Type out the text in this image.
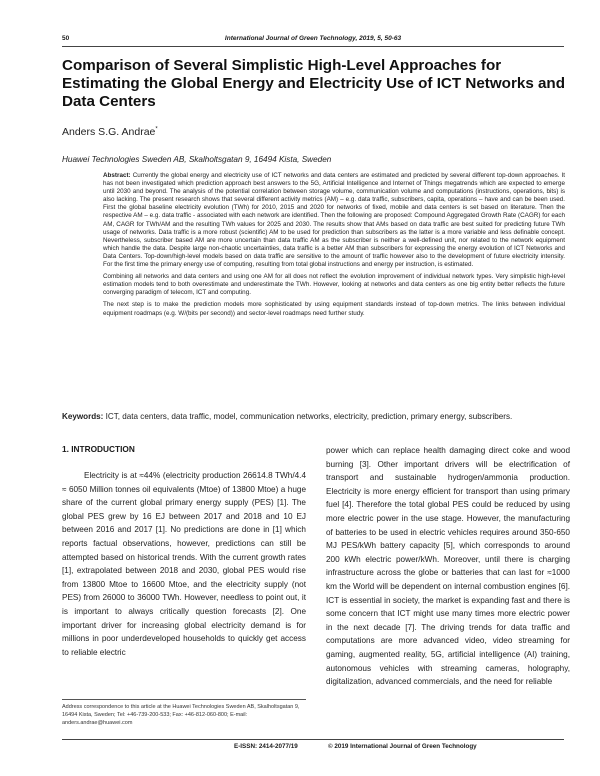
50	International Journal of Green Technology, 2019, 5, 50-63
Comparison of Several Simplistic High-Level Approaches for Estimating the Global Energy and Electricity Use of ICT Networks and Data Centers
Anders S.G. Andrae*
Huawei Technologies Sweden AB, Skalholtsgatan 9, 16494 Kista, Sweden

Abstract: Currently the global energy and electricity use of ICT networks and data centers are estimated and predicted by several different top-down approaches. It has not been investigated which prediction approach best answers to the 5G, Artificial Intelligence and Internet of Things megatrends which are expected to emerge until 2030 and beyond. The analysis of the potential correlation between storage volume, communication volume and computations (instructions, operations, bits) is also lacking. The present research shows that several different activity metrics (AM) – e.g. data traffic, subscribers, capita, operations – have and can be been used. First the global baseline electricity evolution (TWh) for 2010, 2015 and 2020 for networks of fixed, mobile and data centers is set based on literature. Then the respective AM – e.g. data traffic - associated with each network are identified. Then the following are proposed: Compound Aggregated Growth Rate (CAGR) for each AM, CAGR for TWh/AM and the resulting TWh values for 2025 and 2030. The results show that AMs based on data traffic are best suited for predicting future TWh usage of networks. Data traffic is a more robust (scientific) AM to be used for prediction than subscribers as the latter is a more variable and less definable concept. Nevertheless, subscriber based AM are more uncertain than data traffic AM as the subscriber is neither a well-defined unit, nor related to the network equipment which handle the data. Despite large non-chaotic uncertainties, data traffic is a better AM than subscribers for expressing the energy evolution of ICT Networks and Data Centers. Top-down/high-level models based on data traffic are sensitive to the amount of traffic however also to the development of future electricity intensity. For the first time the primary energy use of computing, resulting from total global instructions and energy per instruction, is estimated.

Combining all networks and data centers and using one AM for all does not reflect the evolution improvement of individual network types. Very simplistic high-level estimation models tend to both overestimate and underestimate the TWh. However, looking at networks and data centers as one big entity better reflects the future converging paradigm of telecom, ICT and computing.

The next step is to make the prediction models more sophisticated by using equipment standards instead of top-down metrics. The links between individual equipment roadmaps (e.g. W/(bits per second)) and sector-level roadmaps need further study.

Keywords: ICT, data centers, data traffic, model, communication networks, electricity, prediction, primary energy, subscribers.
1. INTRODUCTION

Electricity is at ≈44% (electricity production 26614.8 TWh/4.4 ≈ 6050 Million tonnes oil equivalents (Mtoe) of 13800 Mtoe) a huge share of the current global primary energy supply (PES) [1]. The global PES grew by 16 EJ between 2017 and 2018 and 10 EJ between 2016 and 2017 [1]. No predictions are done in [1] which reports factual observations, however, predictions can still be attempted based on historical trends. With the current growth rates [1], extrapolated between 2018 and 2030, global PES would rise from 13800 Mtoe to 16600 Mtoe, and the electricity supply (not PES) from 26000 to 36000 TWh. However, needless to point out, it is important to always critically question forecasts [2]. One important driver for increasing global electricity demand is for millions in poor underdeveloped households to quickly get access to reliable electric

power which can replace health damaging direct coke and wood burning [3]. Other important drivers will be electrification of transport and sustainable hydrogen/ammonia production. Electricity is more energy efficient for transport than using primary fuel [4]. Therefore the total global PES could be reduced by using more electric power in the use stage. However, the manufacturing of batteries to be used in electric vehicles requires around 350-650 MJ PES/kWh battery capacity [5], which corresponds to around 200 kWh electric power/kWh. Moreover, until there is charging infrastructure across the globe or batteries that can last for ≈1000 km the World will be dependent on internal combustion engines [6]. ICT is essential in society, the market is expanding fast and there is some concern that ICT might use many times more electric power in the next decade [7]. The driving trends for data traffic and computations are more advanced video, video streaming for gaming, augmented reality, 5G, artificial intelligence (AI) training, autonomous vehicles with streaming cameras, holography, digitalization, advanced commercials, and the need for reliable

Address correspondence to this article at the Huawei Technologies Sweden AB, Skalholtsgatan 9, 16494 Kista, Sweden; Tel: +46-739-200-533; Fax: +46-812-060-800; E-mail: anders.andrae@huawei.com
E-ISSN: 2414-2077/19	© 2019 International Journal of Green Technology
